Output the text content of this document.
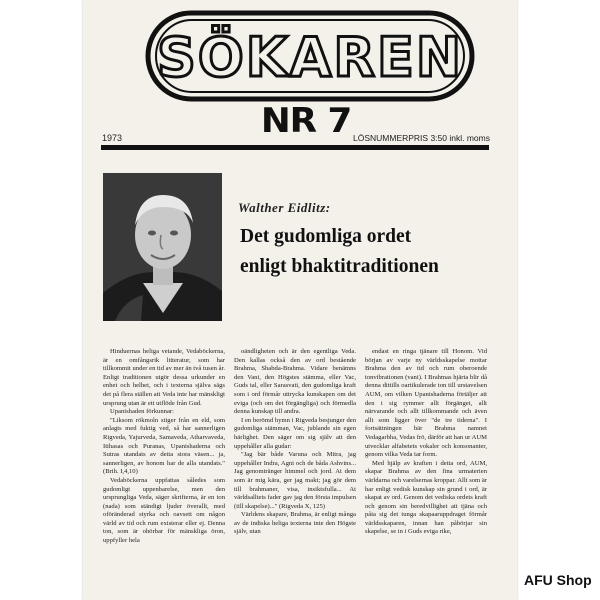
SÖKAREN
NR 7
1973	LÖSNUMMERPRIS 3:50 inkl. moms
Walther Eidlitz:
Det gudomliga ordet
enligt bhaktitraditionen

Hinduernas heliga vetande, Vedaböckerna, är en omfångsrik litteratur, som har tillkommit under en tid av mer än två tusen år. Enligt traditionen utgör dessa urkunder en enhet och helhet, och i texterna själva sägs det på flera ställen att Veda inte har mänskligt ursprung utan är ett utflöde från Gud.

Upanishaden förkunnar:

"Liksom rökmoln stiger från en eld, som anlagts med fuktig ved, så har sannerligen Rigveda, Yajurveda, Samaveda, Atharvaveda, Itihasas och Puranas, Upanishaderna och Sutras utandats av detta stora väsen... ja, sannerligen, av honom har de alla utandats." (Brih. I,4,10)

Vedaböckerna uppfattas således som gudomligt uppenbarelse, men den ursprungliga Veda, säger skrifterna, är en ton (nada) som ständigt ljuder överallt, med oföränderad styrka och oavsett om någon värld av tid och rum existerar eller ej. Denna ton, som är ohörbar för mänskliga öron, uppfyller hela

oändligheten och är den egentliga Veda. Den kallas också den av ord bestående Brahma, Shabda-Brahma. Vidare benämns den Vani, den Högstes stämma, eller Vac, Guds tal, eller Sarasvati, den gudomliga kraft som i ord förmår uttrycka kunskapen om det eviga (och om det förgängliga) och förmedla denna kunskap till andra.

I en berömd hymn i Rigveda besjunger den gudomliga stämman, Vac, jublande sin egen härlighet. Den säger om sig själv att den uppehåller alla gudar:

"Jag bär både Varuna och Mitra, jag uppehåller Indra, Agni och de båda Ashvins... Jag genomtränger himmel och jord. At dem som är mig kära, ger jag makt; jag gör dem till brahmaner, visa, insiktsfulla... At världsalltets fader gav jag den första impulsen (till skapelse)..." (Rigveda X, 125)

Världens skapare, Brahma, är enligt många av de indiska heliga texterna inte den Högste själv, utan

endast en ringa tjänare till Honom. Vid början av varje ny världsskapelse mottar Brahma den av tid och rum oberoende tonvibrationen (vani). I Brahmas hjärta blir då denna dittills oartikulerade ton till urstavelsen AUM, om vilken Upanishaderna förtäljer att den i sig rymmer allt förgänget, allt närvarande och allt tillkommande och även allt som ligger över "de tre tiderna". I fortsättningen bär Brahma namnet Vedagarbha, Vedas frö, därför att han ur AUM utvecklar alfabetets vokaler och konsonanter, genom vilka Veda tar form.

Med hjälp av kraften i detta ord, AUM, skapar Brahma av den fina urmaterien världarna och varelsernas kroppar. Allt som är har enligt vedisk kunskap sin grund i ord, är skapat av ord. Genom det vediska ordets kraft och genom sin beredvillighet att tjäna och påta sig det tunga skapaaruppdraget förmår världsskaparen, innan han påbörjar sin skapelse, se in i Guds eviga rike,

AFU Shop
